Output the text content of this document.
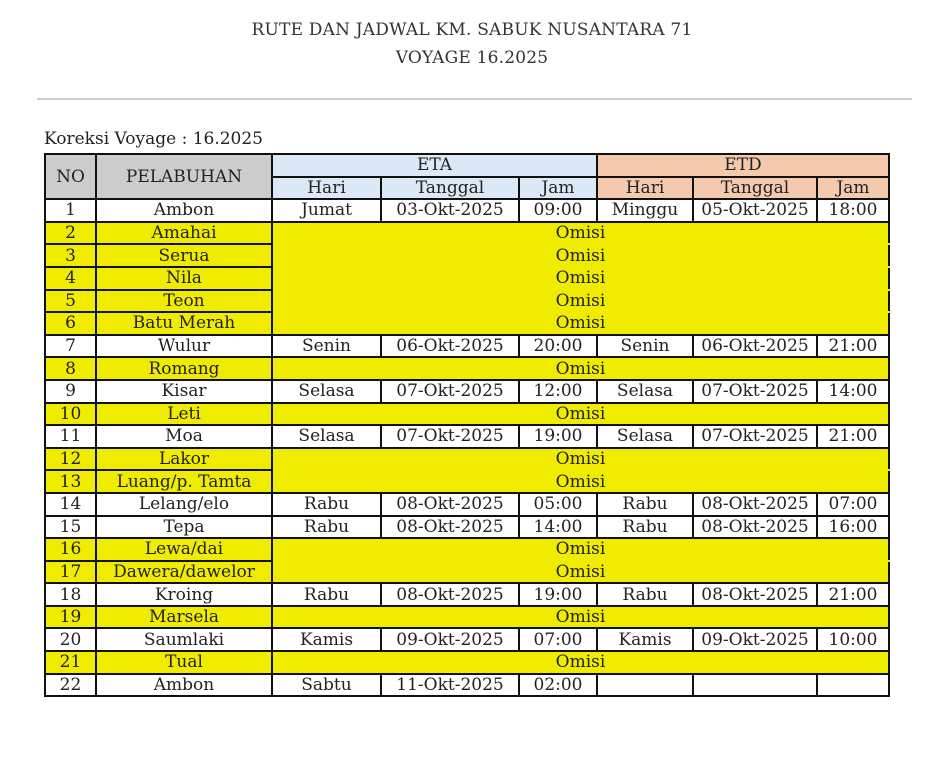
RUTE DAN JADWAL KM. SABUK NUSANTARA 71
VOYAGE 16.2025
Koreksi Voyage : 16.2025
NO	PELABUHAN	ETA			ETD		
		Hari	Tanggal	Jam	Hari	Tanggal	Jam
1	Ambon	Jumat	03-Okt-2025	09:00	Minggu	05-Okt-2025	18:00
2	Amahai	Omisi					
3	Serua	Omisi					
4	Nila	Omisi					
5	Teon	Omisi					
6	Batu Merah	Omisi					
7	Wulur	Senin	06-Okt-2025	20:00	Senin	06-Okt-2025	21:00
8	Romang	Omisi					
9	Kisar	Selasa	07-Okt-2025	12:00	Selasa	07-Okt-2025	14:00
10	Leti	Omisi					
11	Moa	Selasa	07-Okt-2025	19:00	Selasa	07-Okt-2025	21:00
12	Lakor	Omisi					
13	Luang/p. Tamta	Omisi					
14	Lelang/elo	Rabu	08-Okt-2025	05:00	Rabu	08-Okt-2025	07:00
15	Tepa	Rabu	08-Okt-2025	14:00	Rabu	08-Okt-2025	16:00
16	Lewa/dai	Omisi					
17	Dawera/dawelor	Omisi					
18	Kroing	Rabu	08-Okt-2025	19:00	Rabu	08-Okt-2025	21:00
19	Marsela	Omisi					
20	Saumlaki	Kamis	09-Okt-2025	07:00	Kamis	09-Okt-2025	10:00
21	Tual	Omisi					
22	Ambon	Sabtu	11-Okt-2025	02:00			
